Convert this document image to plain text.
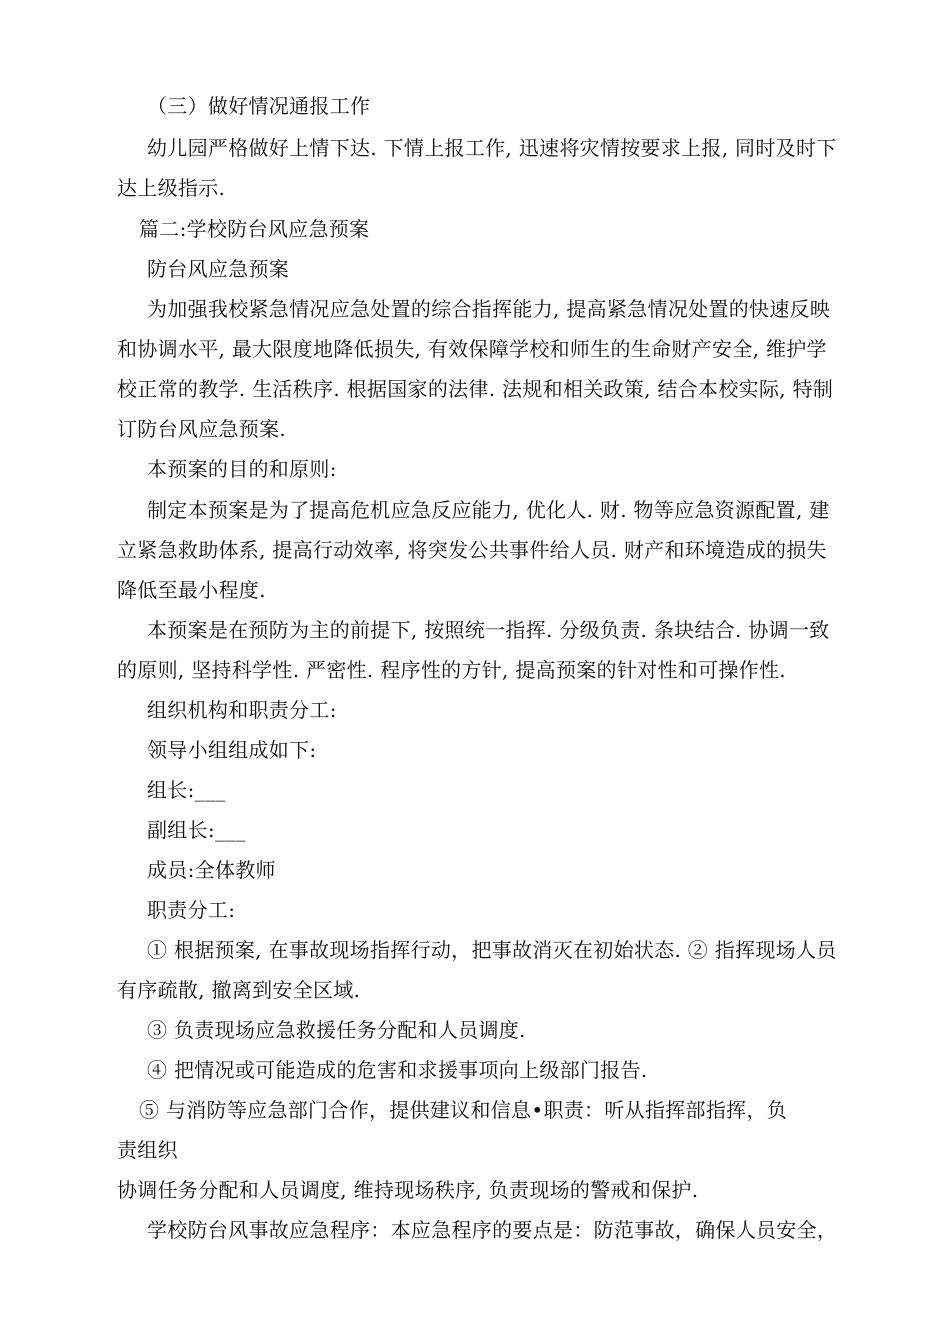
（三）做好情况通报工作
幼儿园严格做好上情下达. 下情上报工作, 迅速将灾情按要求上报, 同时及时下
达上级指示.
篇二:学校防台风应急预案
防台风应急预案
为加强我校紧急情况应急处置的综合指挥能力, 提高紧急情况处置的快速反映
和协调水平, 最大限度地降低损失, 有效保障学校和师生的生命财产安全, 维护学
校正常的教学. 生活秩序. 根据国家的法律. 法规和相关政策, 结合本校实际, 特制
订防台风应急预案.
本预案的目的和原则:
制定本预案是为了提高危机应急反应能力, 优化人. 财. 物等应急资源配置, 建
立紧急救助体系, 提高行动效率, 将突发公共事件给人员. 财产和环境造成的损失
降低至最小程度.
本预案是在预防为主的前提下, 按照统一指挥. 分级负责. 条块结合. 协调一致
的原则, 坚持科学性. 严密性. 程序性的方针, 提高预案的针对性和可操作性.
组织机构和职责分工:
领导小组组成如下:
组长:___
副组长:___
成员:全体教师
职责分工:
① 根据预案, 在事故现场指挥行动，把事故消灭在初始状态. ② 指挥现场人员
有序疏散, 撤离到安全区域.
③ 负责现场应急救援任务分配和人员调度.
④ 把情况或可能造成的危害和求援事项向上级部门报告.
⑤ 与消防等应急部门合作，提供建议和信息•职责：听从指挥部指挥，负
责组织
协调任务分配和人员调度, 维持现场秩序, 负责现场的警戒和保护.
学校防台风事故应急程序：本应急程序的要点是：防范事故，确保人员安全，
